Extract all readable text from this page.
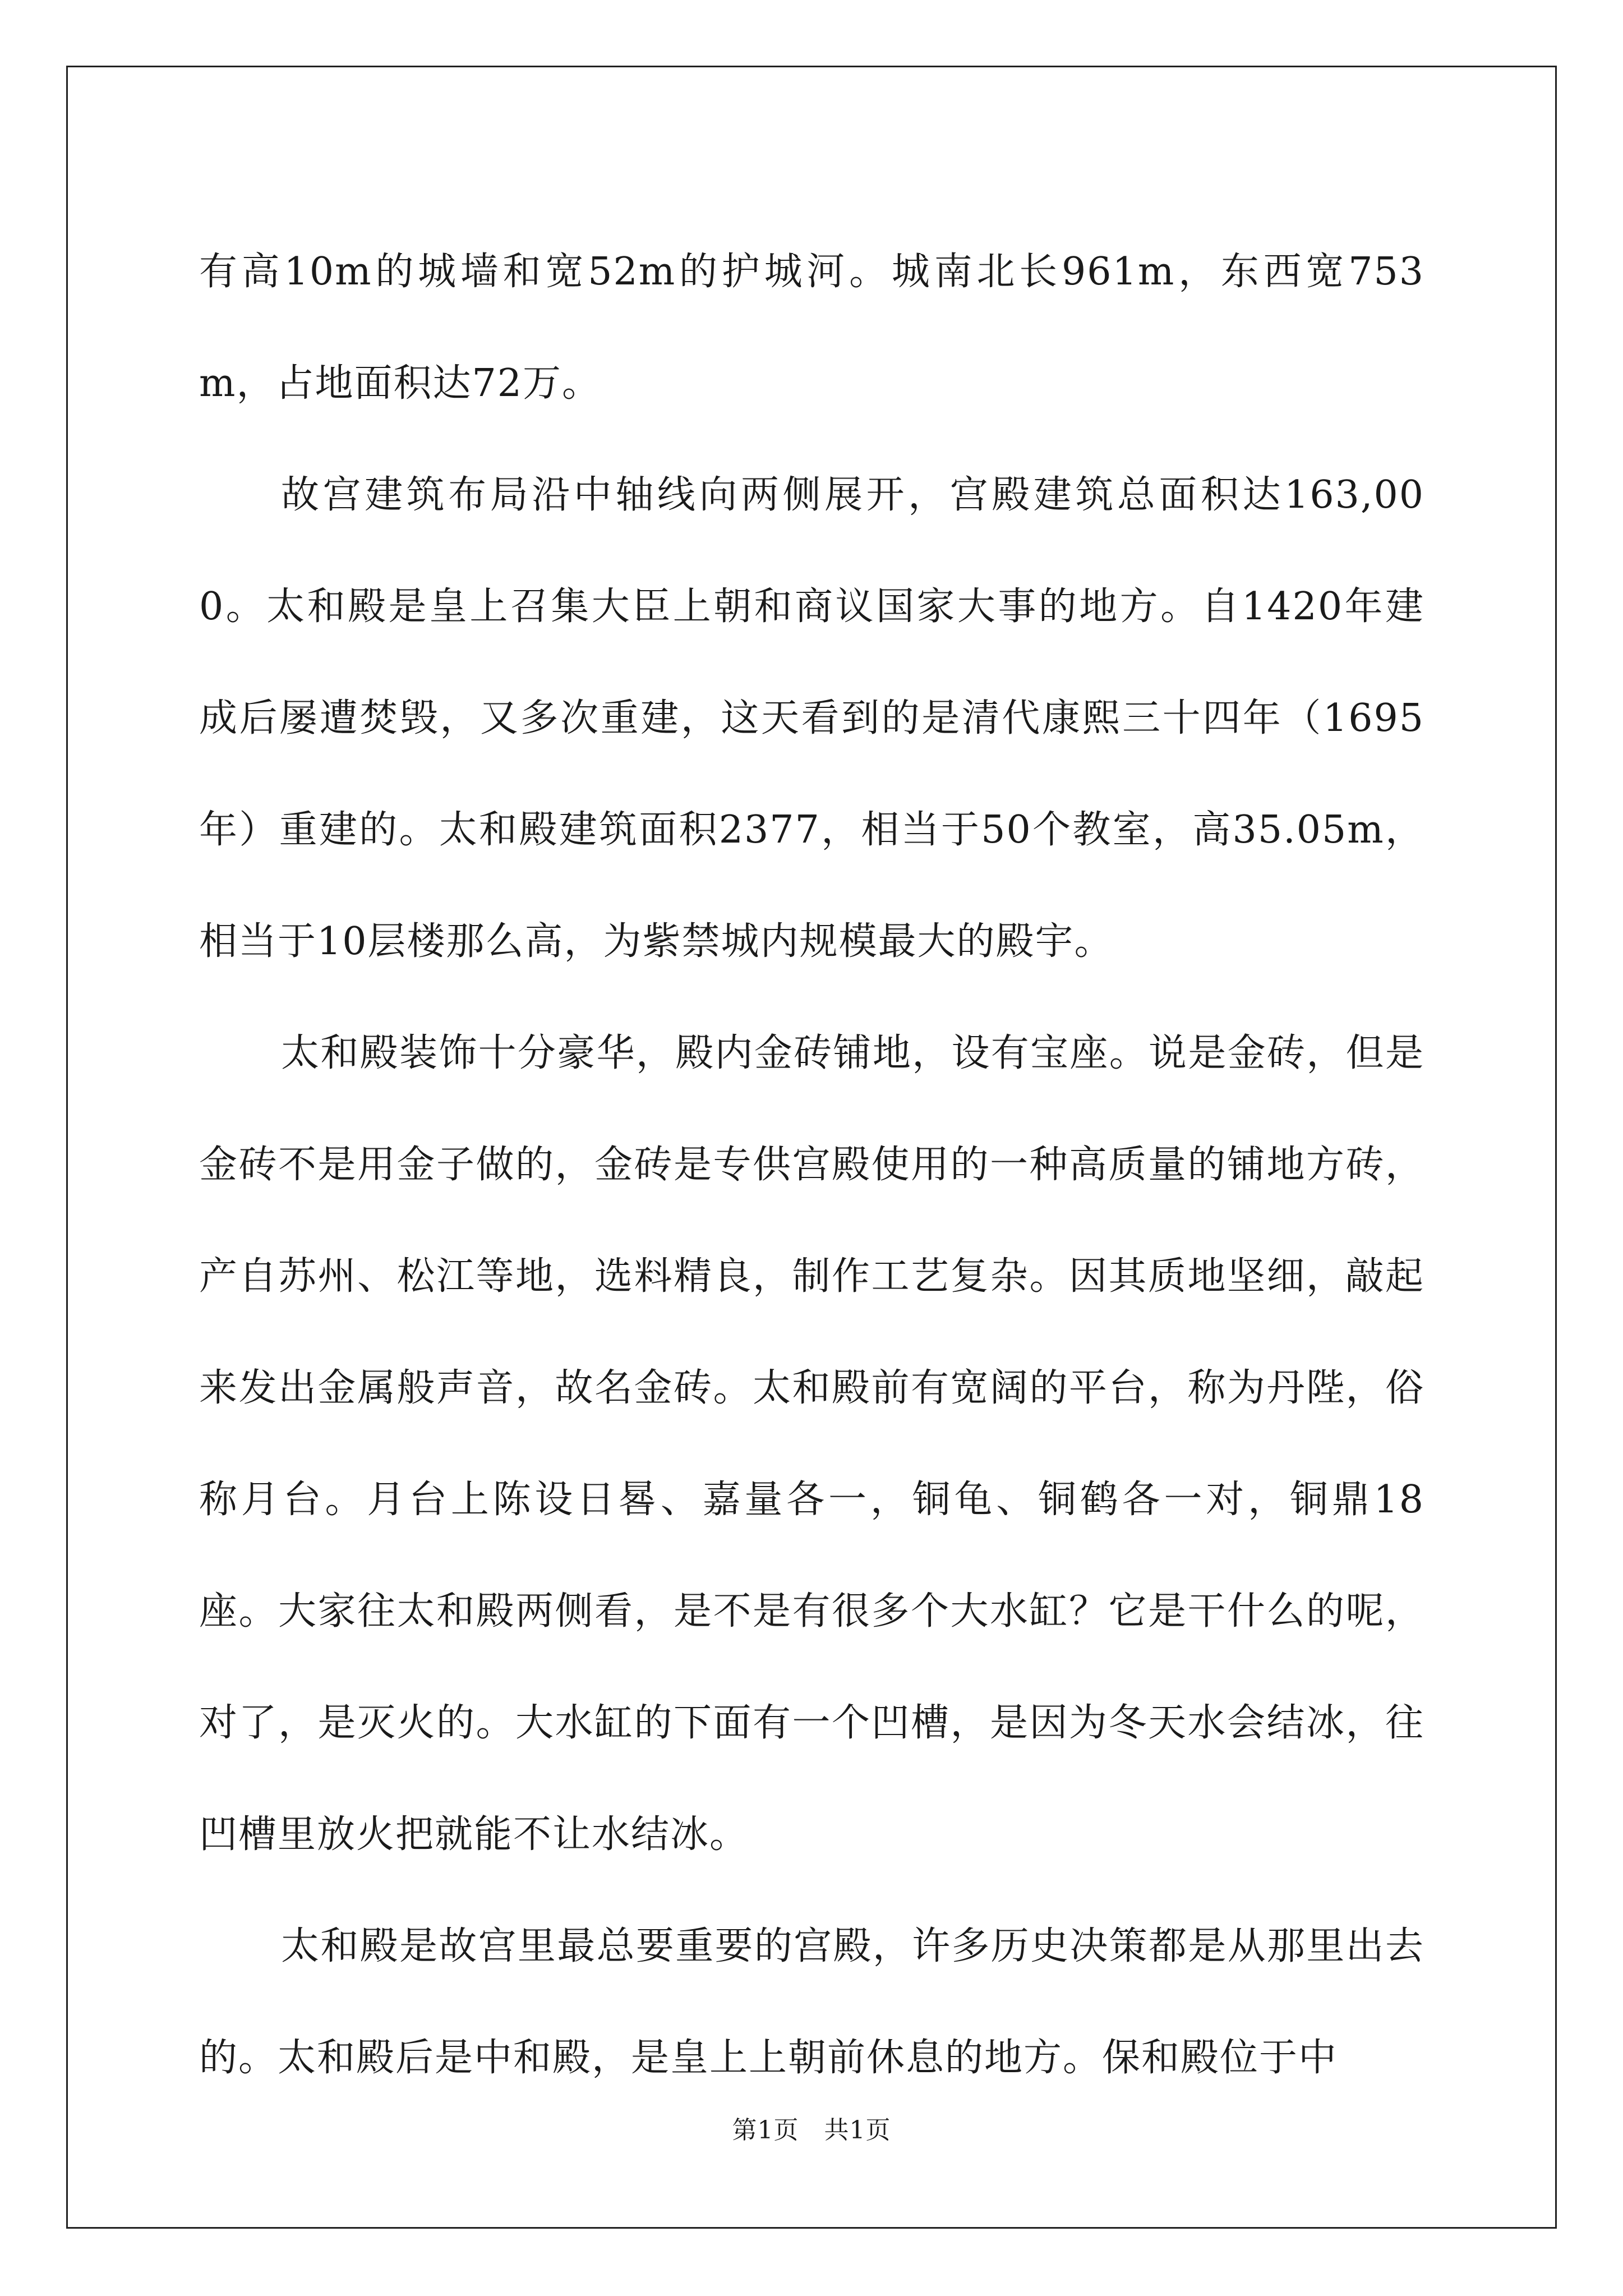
有高10m的城墙和宽52m的护城河。城南北长961m，东西宽753m，占地面积达72万。

故宫建筑布局沿中轴线向两侧展开，宫殿建筑总面积达163,000。太和殿是皇上召集大臣上朝和商议国家大事的地方。自1420年建成后屡遭焚毁，又多次重建，这天看到的是清代康熙三十四年（1695年）重建的。太和殿建筑面积2377，相当于50个教室，高35.05m，相当于10层楼那么高，为紫禁城内规模最大的殿宇。

太和殿装饰十分豪华，殿内金砖铺地，设有宝座。说是金砖，但是金砖不是用金子做的，金砖是专供宫殿使用的一种高质量的铺地方砖，产自苏州、松江等地，选料精良，制作工艺复杂。因其质地坚细，敲起来发出金属般声音，故名金砖。太和殿前有宽阔的平台，称为丹陛，俗称月台。月台上陈设日晷、嘉量各一，铜龟、铜鹤各一对，铜鼎18座。大家往太和殿两侧看，是不是有很多个大水缸？它是干什么的呢，对了，是灭火的。大水缸的下面有一个凹槽，是因为冬天水会结冰，往凹槽里放火把就能不让水结冰。

太和殿是故宫里最总要重要的宫殿，许多历史决策都是从那里出去的。太和殿后是中和殿，是皇上上朝前休息的地方。保和殿位于中

第1页   共1页
